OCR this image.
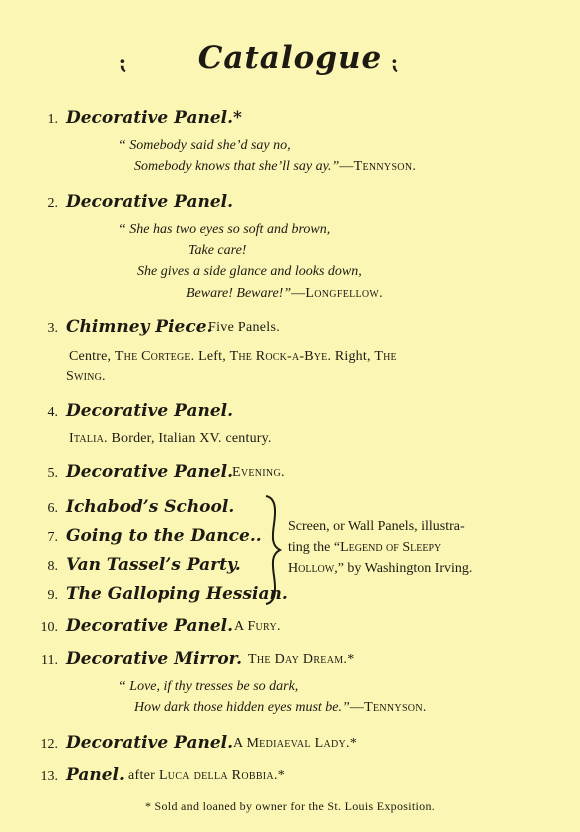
⁏	Catalogue ⁏
1. Decorative Panel.*
“ Somebody said she’d say no,
Somebody knows that she’ll say ay.”—Tennyson.
2. Decorative Panel.
“ She has two eyes so soft and brown,
Take care!
She gives a side glance and looks down,
Beware! Beware!”—Longfellow.
3. Chimney Piece.
Five Panels.
Centre, The Cortege. Left, The Rock-a-Bye. Right, The
Swing.
4. Decorative Panel.
Italia. Border, Italian XV. century.
5. Decorative Panel.
Evening.
6. Ichabod’s School.
7. Going to the Dance..
8. Van Tassel’s Party.
9. The Galloping Hessian.
Screen, or Wall Panels, illustra-
ting the “Legend of Sleepy
Hollow,” by Washington Irving.
10. Decorative Panel. A Fury.
11. Decorative Mirror. The Day Dream.*
“ Love, if thy tresses be so dark,
How dark those hidden eyes must be.”—Tennyson.
12. Decorative Panel. A Mediaeval Lady.*
13. Panel. after Luca della Robbia.*
* Sold and loaned by owner for the St. Louis Exposition.
